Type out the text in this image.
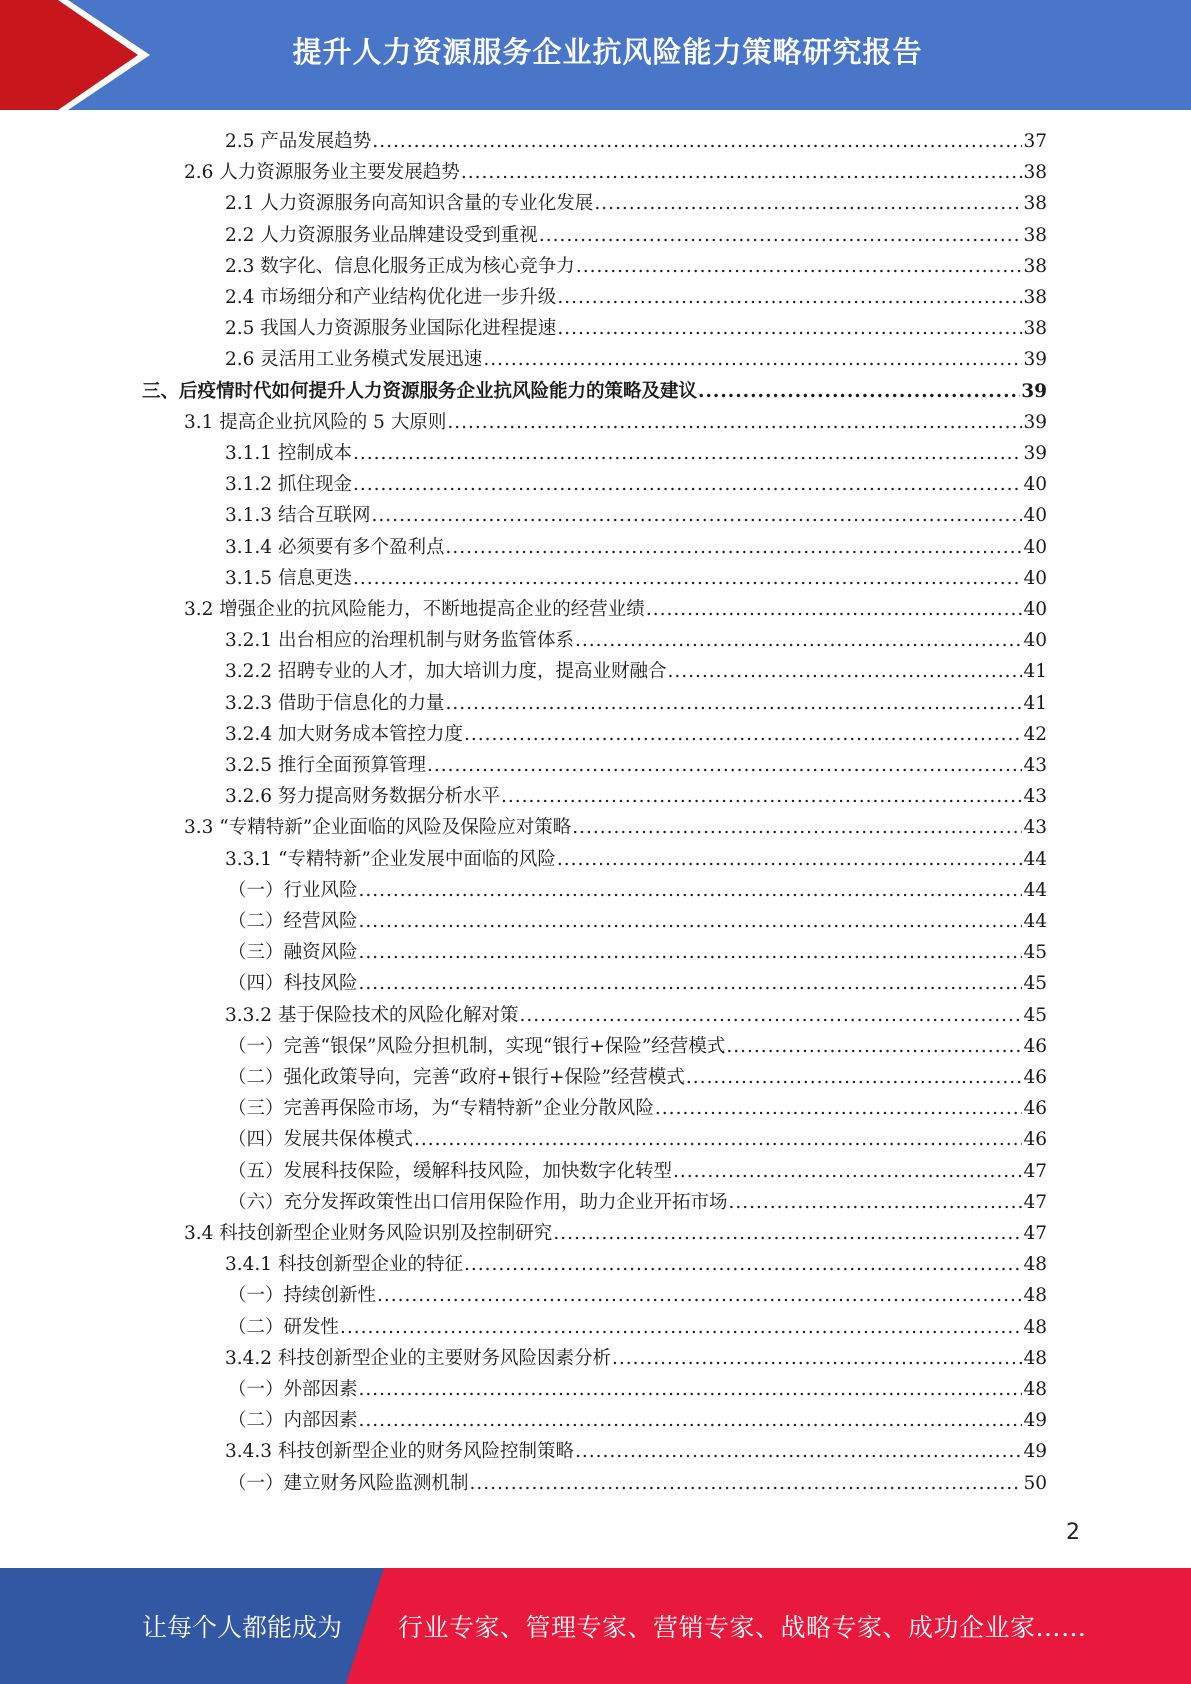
提升人力资源服务企业抗风险能力策略研究报告
2.5 产品发展趋势 .....	37
2.6 人力资源服务业主要发展趋势 .....	38
2.1 人力资源服务向高知识含量的专业化发展 .....	38
2.2 人力资源服务业品牌建设受到重视 .....	38
2.3 数字化、信息化服务正成为核心竞争力 .....	38
2.4 市场细分和产业结构优化进一步升级 .....	38
2.5 我国人力资源服务业国际化进程提速 .....	38
2.6 灵活用工业务模式发展迅速 .....	39
三、后疫情时代如何提升人力资源服务企业抗风险能力的策略及建议 .....	39
3.1 提高企业抗风险的 5 大原则 .....	39
3.1.1 控制成本 .....	39
3.1.2 抓住现金 .....	40
3.1.3 结合互联网 .....	40
3.1.4 必须要有多个盈利点 .....	40
3.1.5 信息更迭 .....	40
3.2 增强企业的抗风险能力，不断地提高企业的经营业绩 .....	40
3.2.1 出台相应的治理机制与财务监管体系 .....	40
3.2.2 招聘专业的人才，加大培训力度，提高业财融合 .....	41
3.2.3 借助于信息化的力量 .....	41
3.2.4 加大财务成本管控力度 .....	42
3.2.5 推行全面预算管理 .....	43
3.2.6 努力提高财务数据分析水平 .....	43
3.3 “专精特新”企业面临的风险及保险应对策略 .....	43
3.3.1 “专精特新”企业发展中面临的风险 .....	44
（一）行业风险 .....	44
（二）经营风险 .....	44
（三）融资风险 .....	45
（四）科技风险 .....	45
3.3.2 基于保险技术的风险化解对策 .....	45
（一）完善“银保”风险分担机制，实现“银行+保险”经营模式 .....	46
（二）强化政策导向，完善“政府+银行+保险”经营模式 .....	46
（三）完善再保险市场，为“专精特新”企业分散风险 .....	46
（四）发展共保体模式 .....	46
（五）发展科技保险，缓解科技风险，加快数字化转型 .....	47
（六）充分发挥政策性出口信用保险作用，助力企业开拓市场 .....	47
3.4 科技创新型企业财务风险识别及控制研究 .....	47
3.4.1 科技创新型企业的特征 .....	48
（一）持续创新性 .....	48
（二）研发性 .....	48
3.4.2 科技创新型企业的主要财务风险因素分析 .....	48
（一）外部因素 .....	48
（二）内部因素 .....	49
3.4.3 科技创新型企业的财务风险控制策略 .....	49
（一）建立财务风险监测机制 .....	50
2
让每个人都能成为 行业专家、管理专家、营销专家、战略专家、成功企业家……
